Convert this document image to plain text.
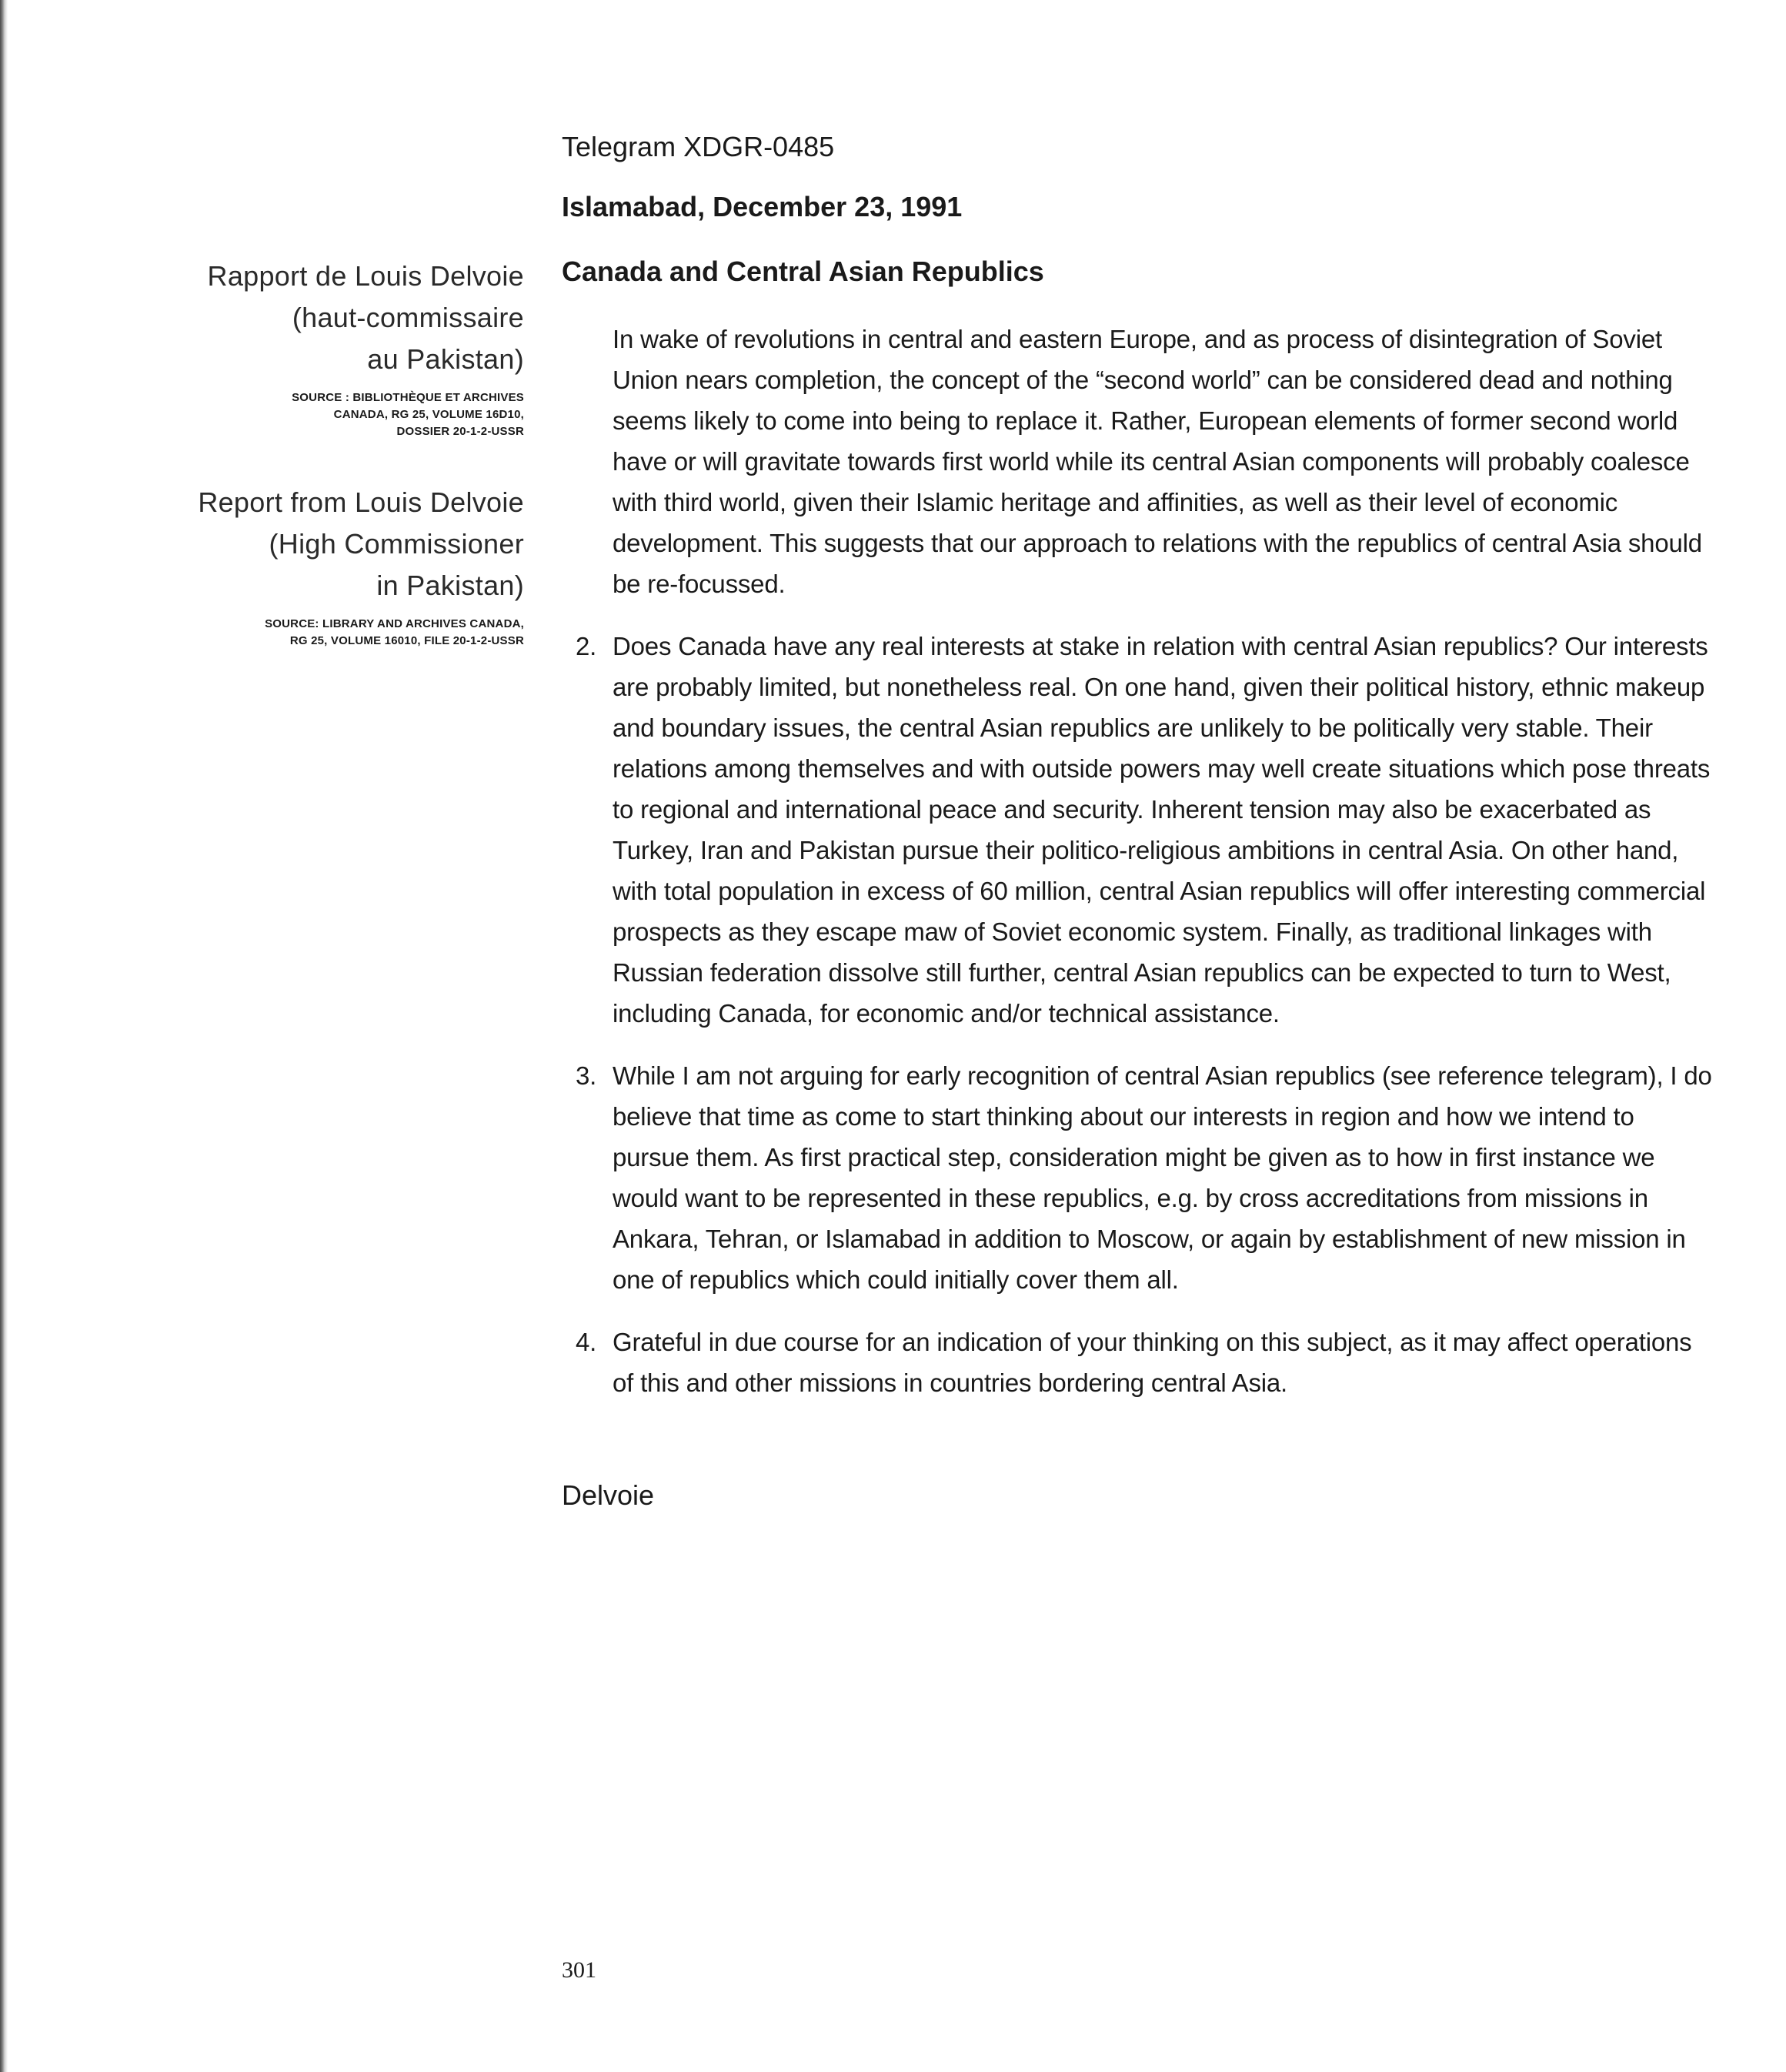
Telegram XDGR-0485
Islamabad, December 23, 1991
Canada and Central Asian Republics
Rapport de Louis Delvoie
(haut-commissaire
au Pakistan)
SOURCE : BIBLIOTHÈQUE ET ARCHIVES
CANADA, RG 25, VOLUME 16D10,
DOSSIER 20-1-2-USSR
Report from Louis Delvoie
(High Commissioner
in Pakistan)
SOURCE: LIBRARY AND ARCHIVES CANADA,
RG 25, VOLUME 16010, FILE 20-1-2-USSR

In wake of revolutions in central and eastern Europe, and as process of disintegration of Soviet Union nears completion, the concept of the “second world” can be considered dead and nothing seems likely to come into being to replace it. Rather, European elements of former second world have or will gravitate towards first world while its central Asian components will probably coalesce with third world, given their Islamic heritage and affinities, as well as their level of economic development. This suggests that our approach to relations with the republics of central Asia should be re-focussed.

2. Does Canada have any real interests at stake in relation with central Asian republics? Our interests are probably limited, but nonetheless real. On one hand, given their political history, ethnic makeup and boundary issues, the central Asian republics are unlikely to be politically very stable. Their relations among themselves and with outside powers may well create situations which pose threats to regional and international peace and security. Inherent tension may also be exacerbated as Turkey, Iran and Pakistan pursue their politico-religious ambitions in central Asia. On other hand, with total population in excess of 60 million, central Asian republics will offer interesting commercial prospects as they escape maw of Soviet economic system. Finally, as traditional linkages with Russian federation dissolve still further, central Asian republics can be expected to turn to West, including Canada, for economic and/or technical assistance.

3. While I am not arguing for early recognition of central Asian republics (see reference telegram), I do believe that time as come to start thinking about our interests in region and how we intend to pursue them. As first practical step, consideration might be given as to how in first instance we would want to be represented in these republics, e.g. by cross accreditations from missions in Ankara, Tehran, or Islamabad in addition to Moscow, or again by establishment of new mission in one of republics which could initially cover them all.

4. Grateful in due course for an indication of your thinking on this subject, as it may affect operations of this and other missions in countries bordering central Asia.

Delvoie
301
